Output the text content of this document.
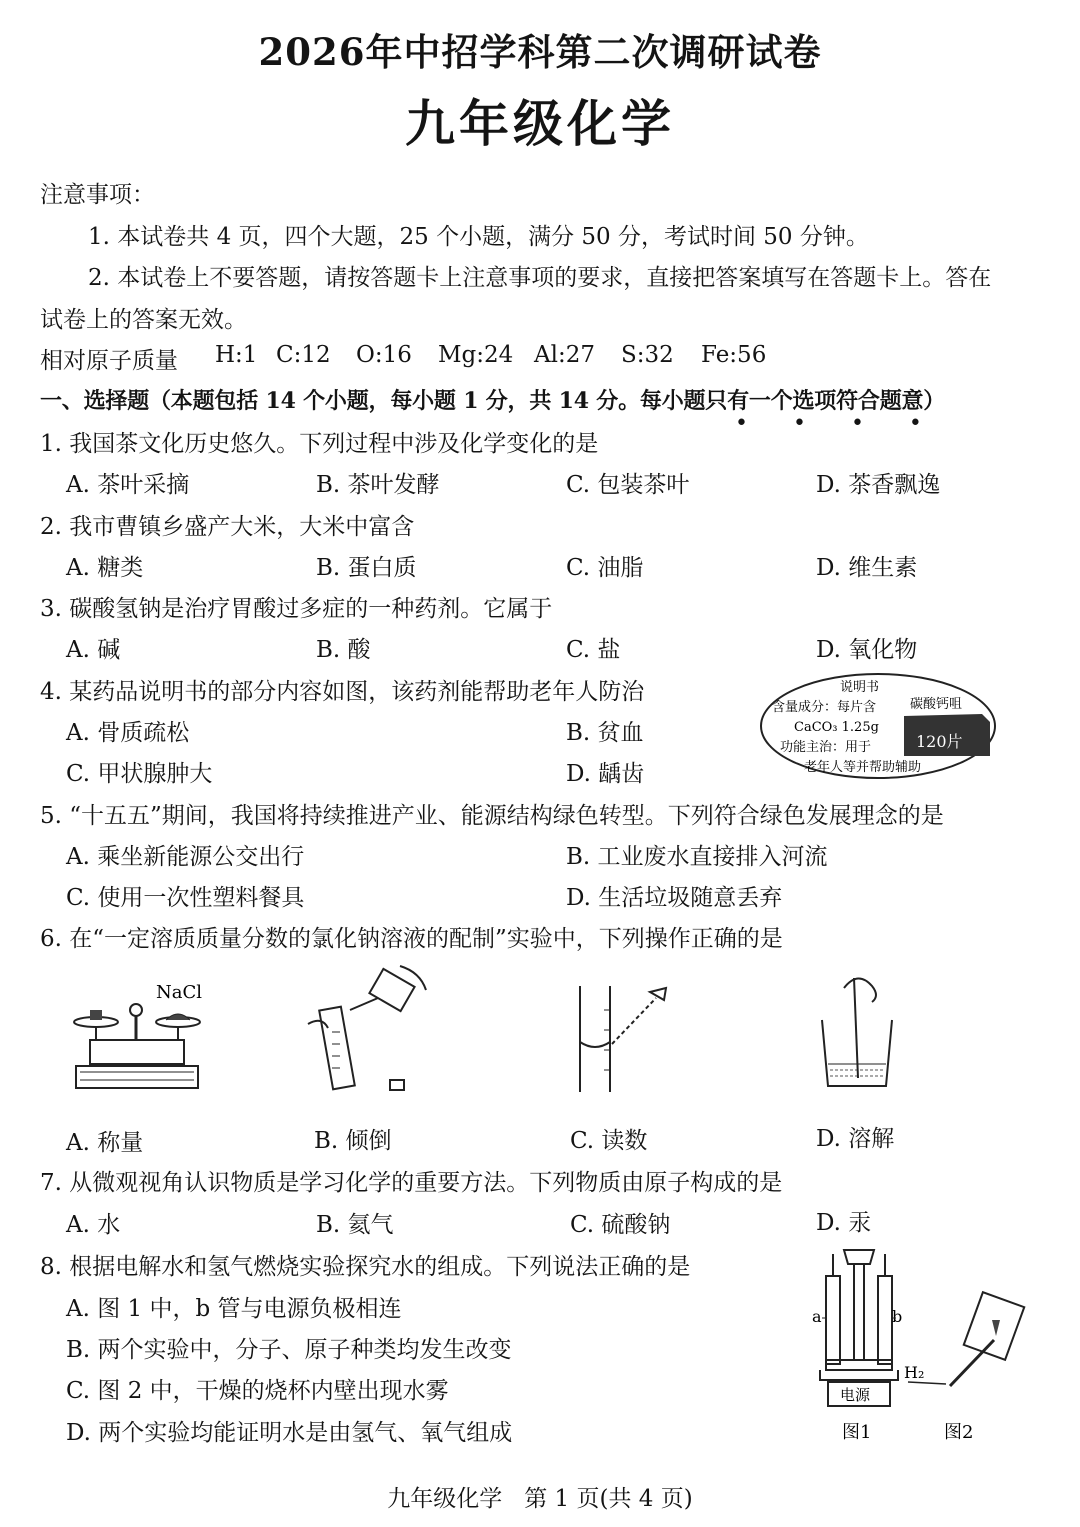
2026年中招学科第二次调研试卷
九年级化学
注意事项：
1. 本试卷共 4 页，四个大题，25 个小题，满分 50 分，考试时间 50 分钟。
2. 本试卷上不要答题，请按答题卡上注意事项的要求，直接把答案填写在答题卡上。答在
试卷上的答案无效。
相对原子质量 H:1 C:12 O:16 Mg:24 Al:27 S:32 Fe:56
一、选择题（本题包括 14 个小题，每小题 1 分，共 14 分。每小题只有一个选项符合题意）
• • • •
1. 我国茶文化历史悠久。下列过程中涉及化学变化的是
A. 茶叶采摘	B. 茶叶发酵	C. 包装茶叶	D. 茶香飘逸
2. 我市曹镇乡盛产大米，大米中富含
A. 糖类	B. 蛋白质	C. 油脂	D. 维生素
3. 碳酸氢钠是治疗胃酸过多症的一种药剂。它属于
A. 碱	B. 酸	C. 盐	D. 氧化物
4. 某药品说明书的部分内容如图，该药剂能帮助老年人防治
A. 骨质疏松	B. 贫血
C. 甲状腺肿大	D. 龋齿
说明书
含量成分：每片含
CaCO₃ 1.25g
功能主治：用于
老年人等并帮助辅助
碳酸钙咀
120片
5. “十五五”期间，我国将持续推进产业、能源结构绿色转型。下列符合绿色发展理念的是
A. 乘坐新能源公交出行	B. 工业废水直接排入河流
C. 使用一次性塑料餐具	D. 生活垃圾随意丢弃
6. 在“一定溶质质量分数的氯化钠溶液的配制”实验中，下列操作正确的是
NaCl
A. 称量	B. 倾倒	C. 读数	D. 溶解
7. 从微观视角认识物质是学习化学的重要方法。下列物质由原子构成的是
A. 水	B. 氦气	C. 硫酸钠	D. 汞
8. 根据电解水和氢气燃烧实验探究水的组成。下列说法正确的是
A. 图 1 中，b 管与电源负极相连
B. 两个实验中，分子、原子种类均发生改变
C. 图 2 中，干燥的烧杯内壁出现水雾
D. 两个实验均能证明水是由氢气、氧气组成
a	b
电源
图1
H₂
图2
九年级化学   第 1 页(共 4 页)
